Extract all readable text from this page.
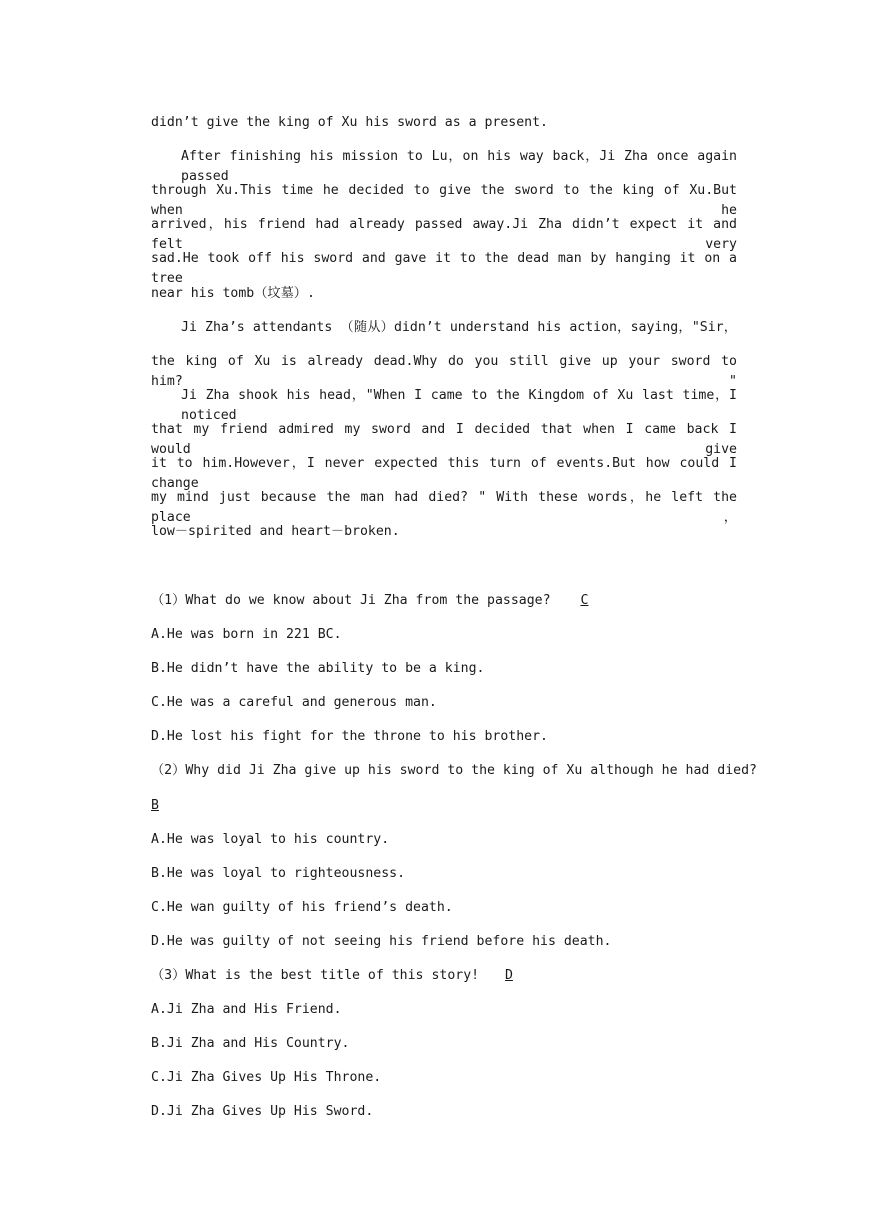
didn’t give the king of Xu his sword as a present.
After finishing his mission to Lu，on his way back，Ji Zha once again passed
through Xu.This time he decided to give the sword to the king of Xu.But when he
arrived，his friend had already passed away.Ji Zha didn’t expect it and felt very
sad.He took off his sword and gave it to the dead man by hanging it on a tree
near his tomb（坟墓）.
Ji Zha’s attendants （随从）didn’t understand his action，saying，"Sir，
the king of Xu is already dead.Why do you still give up your sword to him? "
Ji Zha shook his head，"When I came to the Kingdom of Xu last time，I noticed
that my friend admired my sword and I decided that when I came back I would give
it to him.However，I never expected this turn of events.But how could I change
my mind just because the man had died? " With these words，he left the place，
low－spirited and heart－broken.
（1）What do we know about Ji Zha from the passage? C
A.He was born in 221 BC.
B.He didn’t have the ability to be a king.
C.He was a careful and generous man.
D.He lost his fight for the throne to his brother.
（2）Why did Ji Zha give up his sword to the king of Xu although he had died?
B
A.He was loyal to his country.
B.He was loyal to righteousness.
C.He wan guilty of his friend’s death.
D.He was guilty of not seeing his friend before his death.
（3）What is the best title of this story! D
A.Ji Zha and His Friend.
B.Ji Zha and His Country.
C.Ji Zha Gives Up His Throne.
D.Ji Zha Gives Up His Sword.
